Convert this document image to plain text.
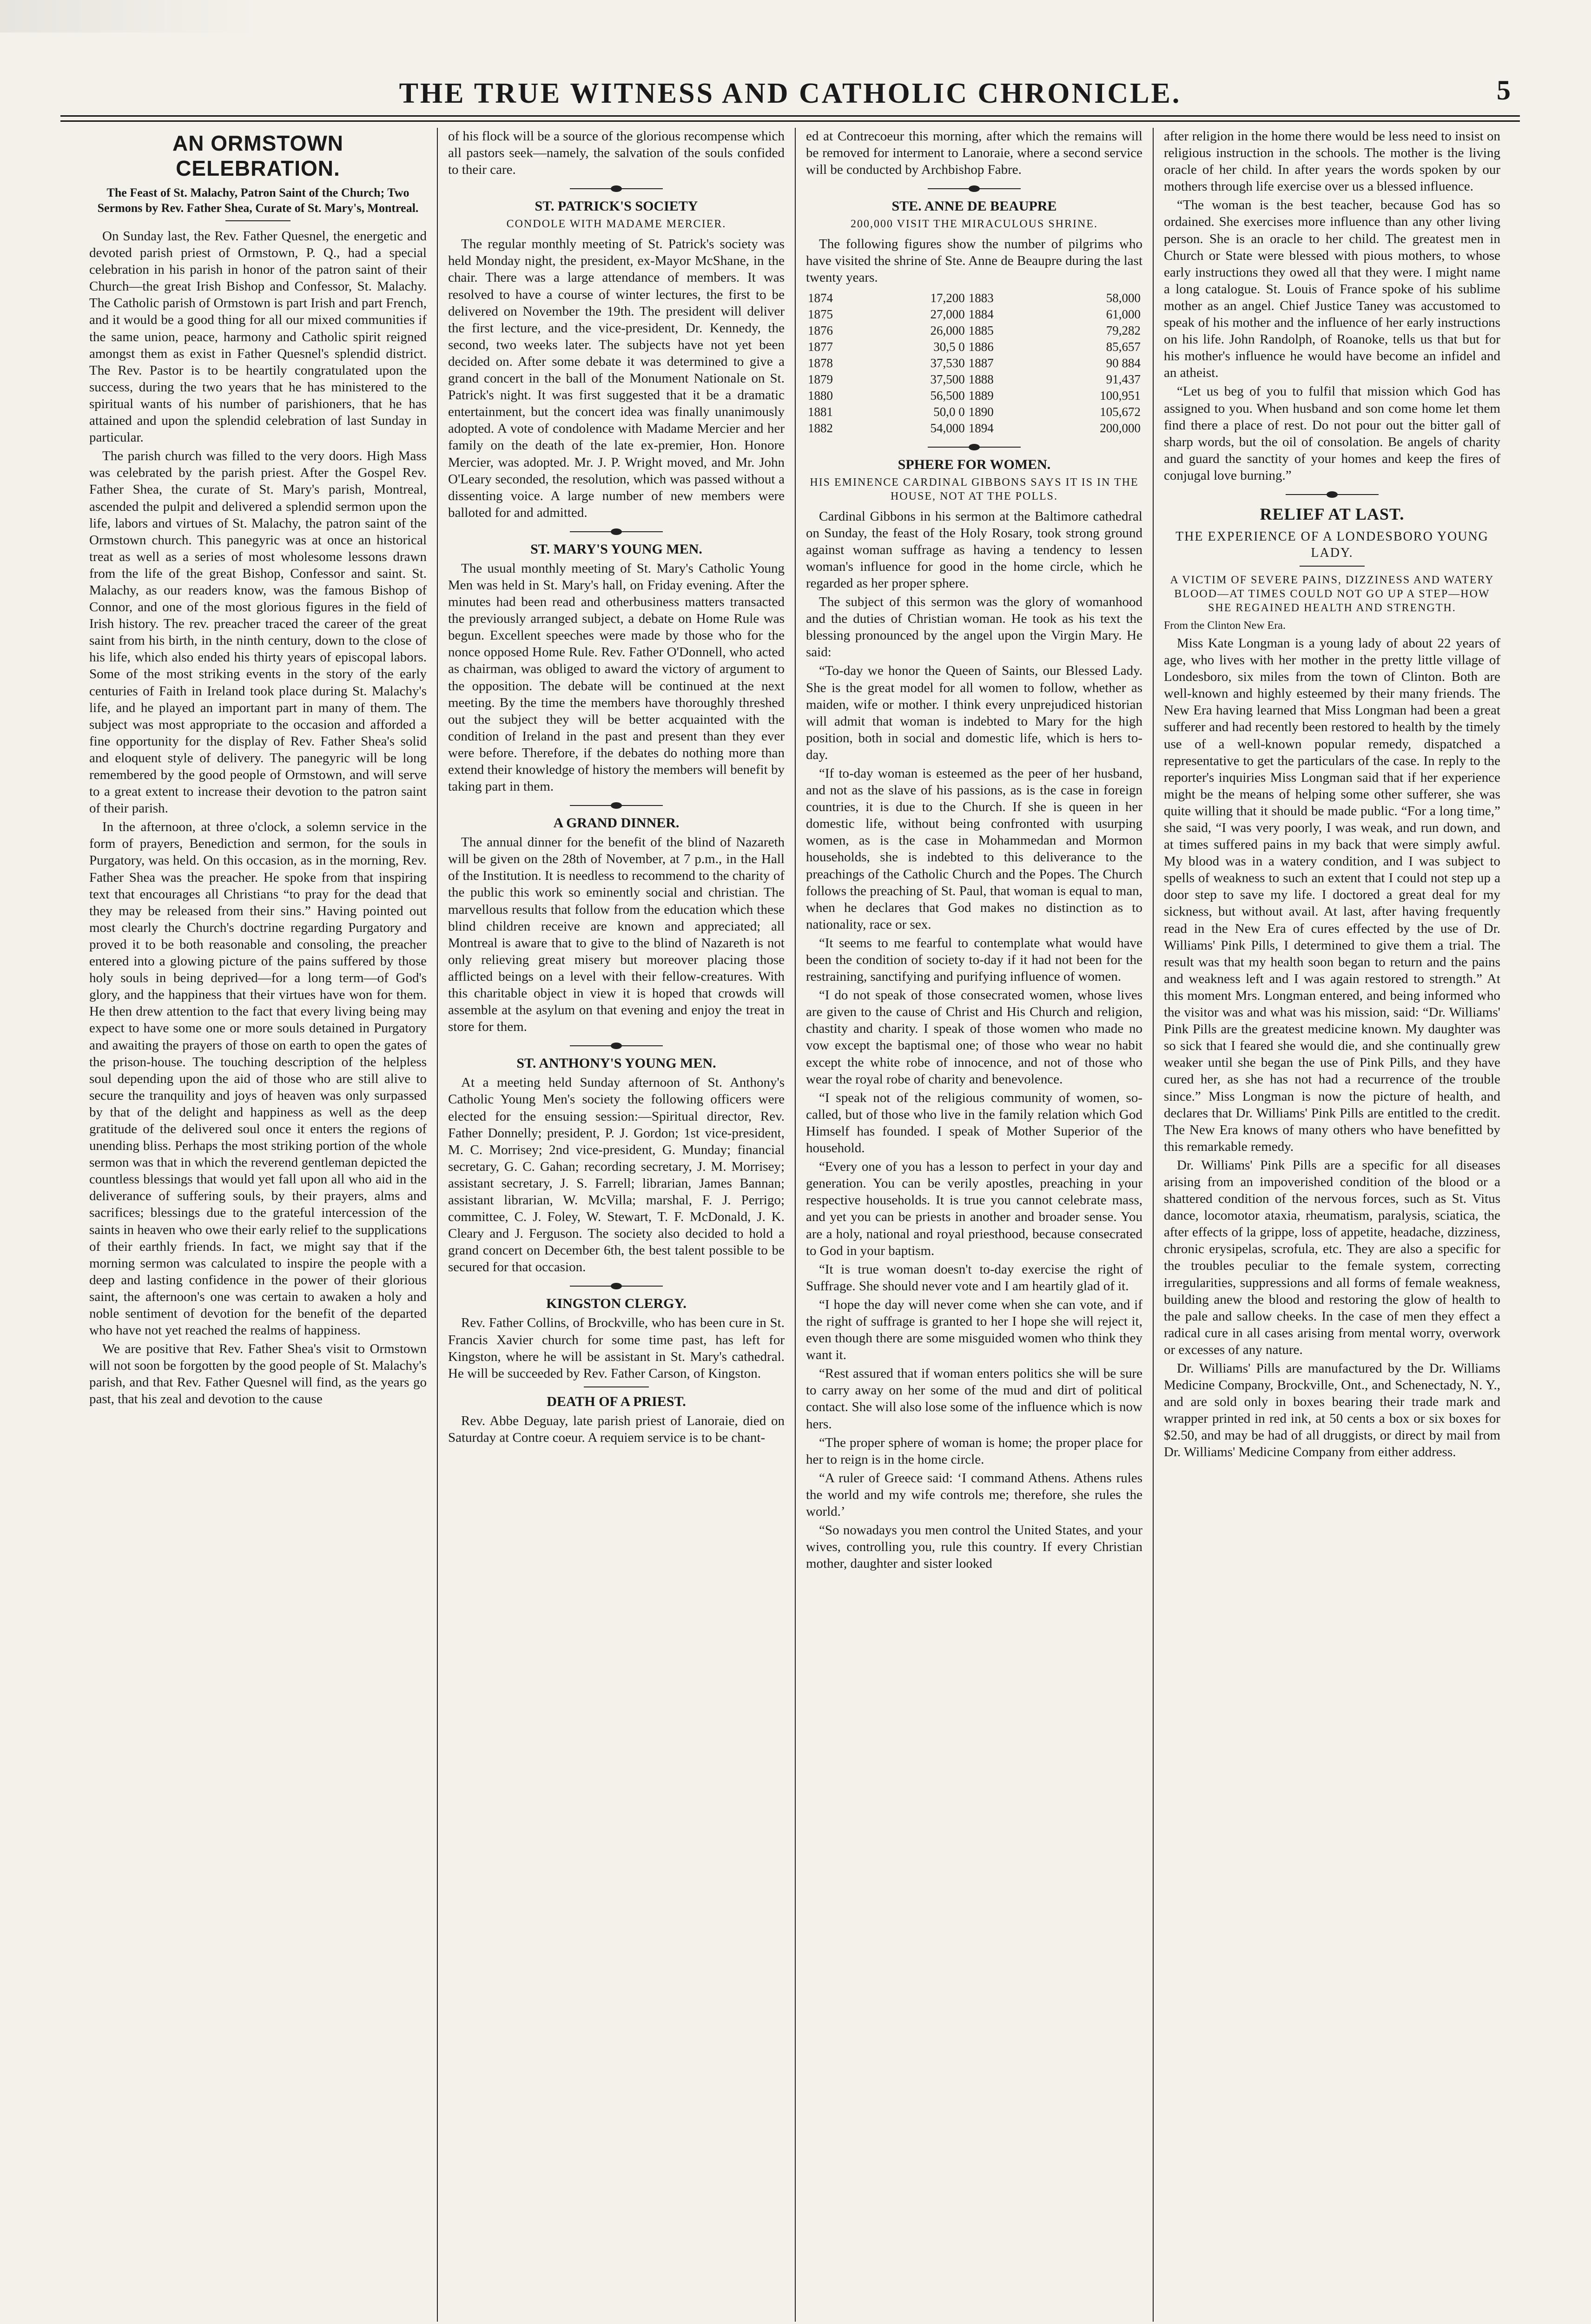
THE TRUE WITNESS AND CATHOLIC CHRONICLE.	5
AN ORMSTOWN CELEBRATION.
The Feast of St. Malachy, Patron Saint of the Church; Two Sermons by Rev. Father Shea, Curate of St. Mary's, Montreal.

On Sunday last, the Rev. Father Quesnel, the energetic and devoted parish priest of Ormstown, P. Q., had a special celebration in his parish in honor of the patron saint of their Church—the great Irish Bishop and Confessor, St. Malachy. The Catholic parish of Ormstown is part Irish and part French, and it would be a good thing for all our mixed communities if the same union, peace, harmony and Catholic spirit reigned amongst them as exist in Father Quesnel's splendid district. The Rev. Pastor is to be heartily congratulated upon the success, during the two years that he has ministered to the spiritual wants of his number of parishioners, that he has attained and upon the splendid celebration of last Sunday in particular.

The parish church was filled to the very doors. High Mass was celebrated by the parish priest. After the Gospel Rev. Father Shea, the curate of St. Mary's parish, Montreal, ascended the pulpit and delivered a splendid sermon upon the life, labors and virtues of St. Malachy, the patron saint of the Ormstown church. This panegyric was at once an historical treat as well as a series of most wholesome lessons drawn from the life of the great Bishop, Confessor and saint. St. Malachy, as our readers know, was the famous Bishop of Connor, and one of the most glorious figures in the field of Irish history. The rev. preacher traced the career of the great saint from his birth, in the ninth century, down to the close of his life, which also ended his thirty years of episcopal labors. Some of the most striking events in the story of the early centuries of Faith in Ireland took place during St. Malachy's life, and he played an important part in many of them. The subject was most appropriate to the occasion and afforded a fine opportunity for the display of Rev. Father Shea's solid and eloquent style of delivery. The panegyric will be long remembered by the good people of Ormstown, and will serve to a great extent to increase their devotion to the patron saint of their parish.

In the afternoon, at three o'clock, a solemn service in the form of prayers, Benediction and sermon, for the souls in Purgatory, was held. On this occasion, as in the morning, Rev. Father Shea was the preacher. He spoke from that inspiring text that encourages all Christians “to pray for the dead that they may be released from their sins.” Having pointed out most clearly the Church's doctrine regarding Purgatory and proved it to be both reasonable and consoling, the preacher entered into a glowing picture of the pains suffered by those holy souls in being deprived—for a long term—of God's glory, and the happiness that their virtues have won for them. He then drew attention to the fact that every living being may expect to have some one or more souls detained in Purgatory and awaiting the prayers of those on earth to open the gates of the prison-house. The touching description of the helpless soul depending upon the aid of those who are still alive to secure the tranquility and joys of heaven was only surpassed by that of the delight and happiness as well as the deep gratitude of the delivered soul once it enters the regions of unending bliss. Perhaps the most striking portion of the whole sermon was that in which the reverend gentleman depicted the countless blessings that would yet fall upon all who aid in the deliverance of suffering souls, by their prayers, alms and sacrifices; blessings due to the grateful intercession of the saints in heaven who owe their early relief to the supplications of their earthly friends. In fact, we might say that if the morning sermon was calculated to inspire the people with a deep and lasting confidence in the power of their glorious saint, the afternoon's one was certain to awaken a holy and noble sentiment of devotion for the benefit of the departed who have not yet reached the realms of happiness.

We are positive that Rev. Father Shea's visit to Ormstown will not soon be forgotten by the good people of St. Malachy's parish, and that Rev. Father Quesnel will find, as the years go past, that his zeal and devotion to the cause

of his flock will be a source of the glorious recompense which all pastors seek—namely, the salvation of the souls confided to their care.

ST. PATRICK'S SOCIETY
CONDOLE WITH MADAME MERCIER.

The regular monthly meeting of St. Patrick's society was held Monday night, the president, ex-Mayor McShane, in the chair. There was a large attendance of members. It was resolved to have a course of winter lectures, the first to be delivered on November the 19th. The president will deliver the first lecture, and the vice-president, Dr. Kennedy, the second, two weeks later. The subjects have not yet been decided on. After some debate it was determined to give a grand concert in the ball of the Monument Nationale on St. Patrick's night. It was first suggested that it be a dramatic entertainment, but the concert idea was finally unanimously adopted. A vote of condolence with Madame Mercier and her family on the death of the late ex-premier, Hon. Honore Mercier, was adopted. Mr. J. P. Wright moved, and Mr. John O'Leary seconded, the resolution, which was passed without a dissenting voice. A large number of new members were balloted for and admitted.

ST. MARY'S YOUNG MEN.

The usual monthly meeting of St. Mary's Catholic Young Men was held in St. Mary's hall, on Friday evening. After the minutes had been read and otherbusiness matters transacted the previously arranged subject, a debate on Home Rule was begun. Excellent speeches were made by those who for the nonce opposed Home Rule. Rev. Father O'Donnell, who acted as chairman, was obliged to award the victory of argument to the opposition. The debate will be continued at the next meeting. By the time the members have thoroughly threshed out the subject they will be better acquainted with the condition of Ireland in the past and present than they ever were before. Therefore, if the debates do nothing more than extend their knowledge of history the members will benefit by taking part in them.

A GRAND DINNER.

The annual dinner for the benefit of the blind of Nazareth will be given on the 28th of November, at 7 p.m., in the Hall of the Institution. It is needless to recommend to the charity of the public this work so eminently social and christian. The marvellous results that follow from the education which these blind children receive are known and appreciated; all Montreal is aware that to give to the blind of Nazareth is not only relieving great misery but moreover placing those afflicted beings on a level with their fellow-creatures. With this charitable object in view it is hoped that crowds will assemble at the asylum on that evening and enjoy the treat in store for them.

ST. ANTHONY'S YOUNG MEN.

At a meeting held Sunday afternoon of St. Anthony's Catholic Young Men's society the following officers were elected for the ensuing session:—Spiritual director, Rev. Father Donnelly; president, P. J. Gordon; 1st vice-president, M. C. Morrisey; 2nd vice-president, G. Munday; financial secretary, G. C. Gahan; recording secretary, J. M. Morrisey; assistant secretary, J. S. Farrell; librarian, James Bannan; assistant librarian, W. McVilla; marshal, F. J. Perrigo; committee, C. J. Foley, W. Stewart, T. F. McDonald, J. K. Cleary and J. Ferguson. The society also decided to hold a grand concert on December 6th, the best talent possible to be secured for that occasion.

KINGSTON CLERGY.

Rev. Father Collins, of Brockville, who has been cure in St. Francis Xavier church for some time past, has left for Kingston, where he will be assistant in St. Mary's cathedral. He will be succeeded by Rev. Father Carson, of Kingston.

DEATH OF A PRIEST.

Rev. Abbe Deguay, late parish priest of Lanoraie, died on Saturday at Contre coeur. A requiem service is to be chant-

ed at Contrecoeur this morning, after which the remains will be removed for interment to Lanoraie, where a second service will be conducted by Archbishop Fabre.

STE. ANNE DE BEAUPRE
200,000 VISIT THE MIRACULOUS SHRINE.

The following figures show the number of pilgrims who have visited the shrine of Ste. Anne de Beaupre during the last twenty years.

1874	17,200	1883	58,000
1875	27,000	1884	61,000
1876	26,000	1885	79,282
1877	30,5 0	1886	85,657
1878	37,530	1887	90 884
1879	37,500	1888	91,437
1880	56,500	1889	100,951
1881	50,0 0	1890	105,672
1882	54,000	1894	200,000
SPHERE FOR WOMEN.
HIS EMINENCE CARDINAL GIBBONS SAYS IT IS IN THE HOUSE, NOT AT THE POLLS.

Cardinal Gibbons in his sermon at the Baltimore cathedral on Sunday, the feast of the Holy Rosary, took strong ground against woman suffrage as having a tendency to lessen woman's influence for good in the home circle, which he regarded as her proper sphere.

The subject of this sermon was the glory of womanhood and the duties of Christian woman. He took as his text the blessing pronounced by the angel upon the Virgin Mary. He said:

“To-day we honor the Queen of Saints, our Blessed Lady. She is the great model for all women to follow, whether as maiden, wife or mother. I think every unprejudiced historian will admit that woman is indebted to Mary for the high position, both in social and domestic life, which is hers to-day.

“If to-day woman is esteemed as the peer of her husband, and not as the slave of his passions, as is the case in foreign countries, it is due to the Church. If she is queen in her domestic life, without being confronted with usurping women, as is the case in Mohammedan and Mormon households, she is indebted to this deliverance to the preachings of the Catholic Church and the Popes. The Church follows the preaching of St. Paul, that woman is equal to man, when he declares that God makes no distinction as to nationality, race or sex.

“It seems to me fearful to contemplate what would have been the condition of society to-day if it had not been for the restraining, sanctifying and purifying influence of women.

“I do not speak of those consecrated women, whose lives are given to the cause of Christ and His Church and religion, chastity and charity. I speak of those women who made no vow except the baptismal one; of those who wear no habit except the white robe of innocence, and not of those who wear the royal robe of charity and benevolence.

“I speak not of the religious community of women, so-called, but of those who live in the family relation which God Himself has founded. I speak of Mother Superior of the household.

“Every one of you has a lesson to perfect in your day and generation. You can be verily apostles, preaching in your respective households. It is true you cannot celebrate mass, and yet you can be priests in another and broader sense. You are a holy, national and royal priesthood, because consecrated to God in your baptism.

“It is true woman doesn't to-day exercise the right of Suffrage. She should never vote and I am heartily glad of it.

“I hope the day will never come when she can vote, and if the right of suffrage is granted to her I hope she will reject it, even though there are some misguided women who think they want it.

“Rest assured that if woman enters politics she will be sure to carry away on her some of the mud and dirt of political contact. She will also lose some of the influence which is now hers.

“The proper sphere of woman is home; the proper place for her to reign is in the home circle.

“A ruler of Greece said: ‘I command Athens. Athens rules the world and my wife controls me; therefore, she rules the world.’

“So nowadays you men control the United States, and your wives, controlling you, rule this country. If every Christian mother, daughter and sister looked

after religion in the home there would be less need to insist on religious instruction in the schools. The mother is the living oracle of her child. In after years the words spoken by our mothers through life exercise over us a blessed influence.

“The woman is the best teacher, because God has so ordained. She exercises more influence than any other living person. She is an oracle to her child. The greatest men in Church or State were blessed with pious mothers, to whose early instructions they owed all that they were. I might name a long catalogue. St. Louis of France spoke of his sublime mother as an angel. Chief Justice Taney was accustomed to speak of his mother and the influence of her early instructions on his life. John Randolph, of Roanoke, tells us that but for his mother's influence he would have become an infidel and an atheist.

“Let us beg of you to fulfil that mission which God has assigned to you. When husband and son come home let them find there a place of rest. Do not pour out the bitter gall of sharp words, but the oil of consolation. Be angels of charity and guard the sanctity of your homes and keep the fires of conjugal love burning.”

RELIEF AT LAST.
THE EXPERIENCE OF A LONDESBORO YOUNG LADY.
A VICTIM OF SEVERE PAINS, DIZZINESS AND WATERY BLOOD—AT TIMES COULD NOT GO UP A STEP—HOW SHE REGAINED HEALTH AND STRENGTH.
From the Clinton New Era.

Miss Kate Longman is a young lady of about 22 years of age, who lives with her mother in the pretty little village of Londesboro, six miles from the town of Clinton. Both are well-known and highly esteemed by their many friends. The New Era having learned that Miss Longman had been a great sufferer and had recently been restored to health by the timely use of a well-known popular remedy, dispatched a representative to get the particulars of the case. In reply to the reporter's inquiries Miss Longman said that if her experience might be the means of helping some other sufferer, she was quite willing that it should be made public. “For a long time,” she said, “I was very poorly, I was weak, and run down, and at times suffered pains in my back that were simply awful. My blood was in a watery condition, and I was subject to spells of weakness to such an extent that I could not step up a door step to save my life. I doctored a great deal for my sickness, but without avail. At last, after having frequently read in the New Era of cures effected by the use of Dr. Williams' Pink Pills, I determined to give them a trial. The result was that my health soon began to return and the pains and weakness left and I was again restored to strength.” At this moment Mrs. Longman entered, and being informed who the visitor was and what was his mission, said: “Dr. Williams' Pink Pills are the greatest medicine known. My daughter was so sick that I feared she would die, and she continually grew weaker until she began the use of Pink Pills, and they have cured her, as she has not had a recurrence of the trouble since.” Miss Longman is now the picture of health, and declares that Dr. Williams' Pink Pills are entitled to the credit. The New Era knows of many others who have benefitted by this remarkable remedy.

Dr. Williams' Pink Pills are a specific for all diseases arising from an impoverished condition of the blood or a shattered condition of the nervous forces, such as St. Vitus dance, locomotor ataxia, rheumatism, paralysis, sciatica, the after effects of la grippe, loss of appetite, headache, dizziness, chronic erysipelas, scrofula, etc. They are also a specific for the troubles peculiar to the female system, correcting irregularities, suppressions and all forms of female weakness, building anew the blood and restoring the glow of health to the pale and sallow cheeks. In the case of men they effect a radical cure in all cases arising from mental worry, overwork or excesses of any nature.

Dr. Williams' Pills are manufactured by the Dr. Williams Medicine Company, Brockville, Ont., and Schenectady, N. Y., and are sold only in boxes bearing their trade mark and wrapper printed in red ink, at 50 cents a box or six boxes for $2.50, and may be had of all druggists, or direct by mail from Dr. Williams' Medicine Company from either address.
